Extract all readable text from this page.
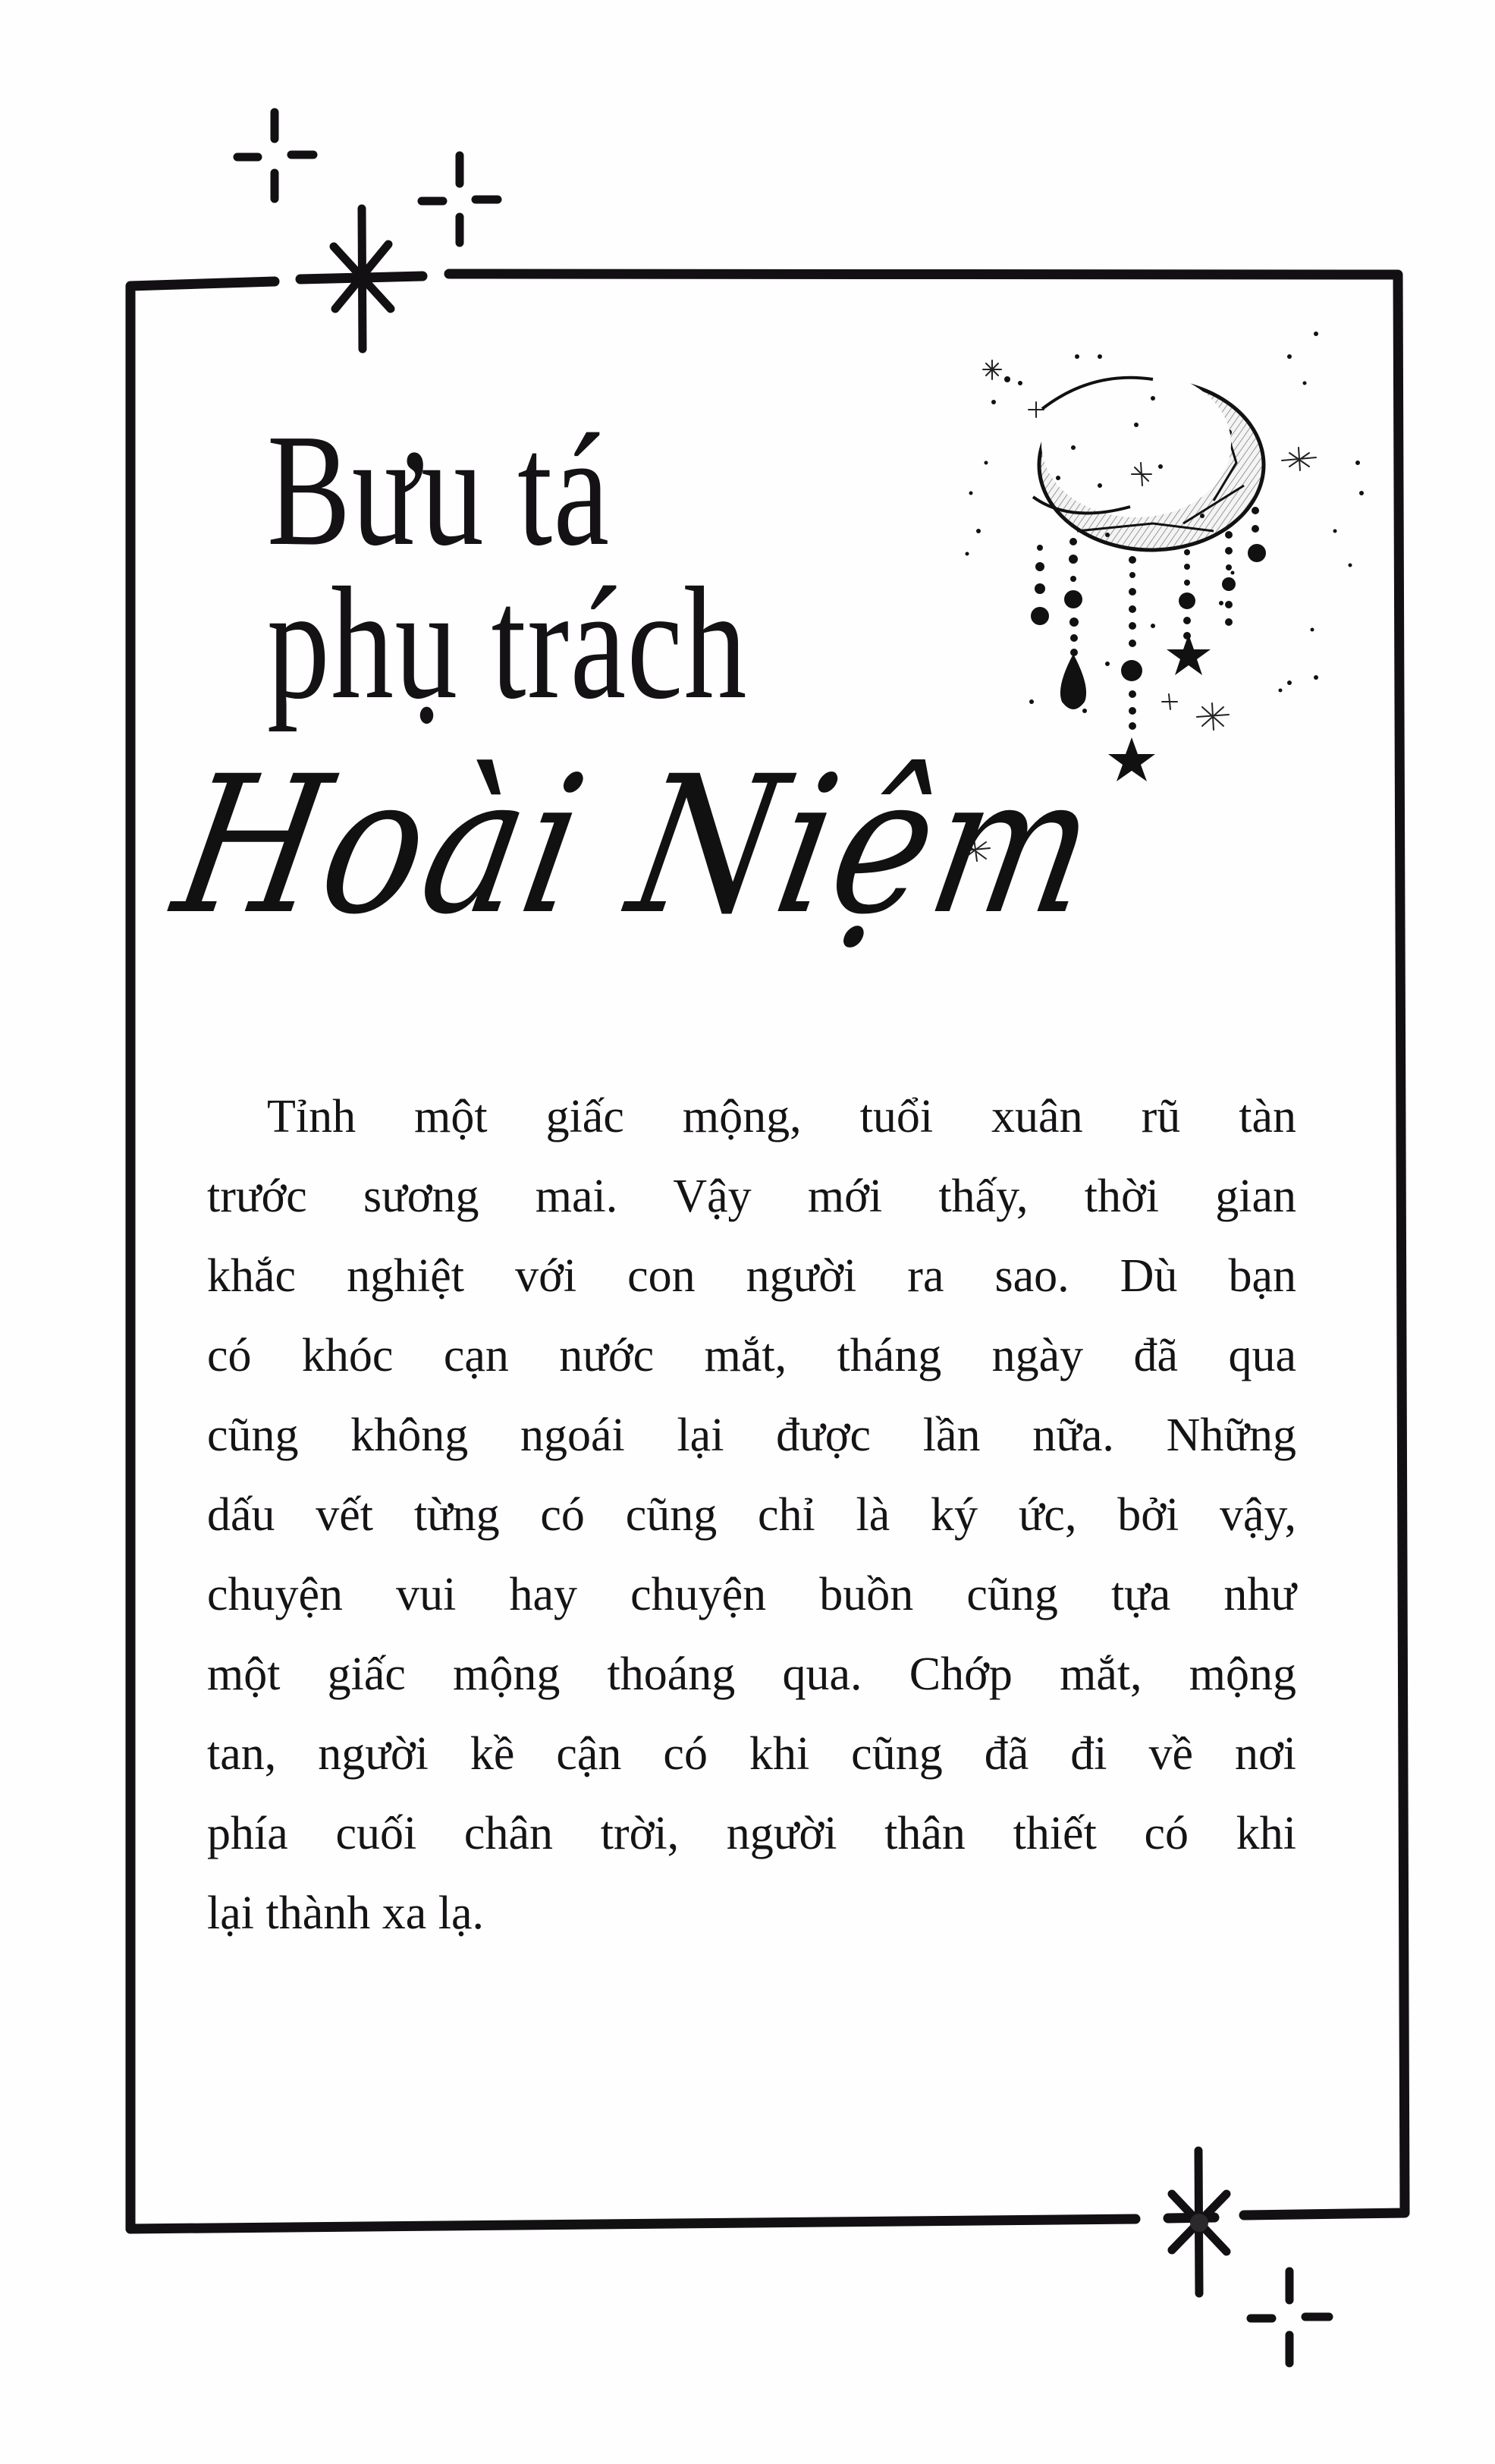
Bưu tá
phụ trách
Hoài Niệm
Tỉnh một giấc mộng, tuổi xuân rũ tàn
trước sương mai. Vậy mới thấy, thời gian
khắc nghiệt với con người ra sao. Dù bạn
có khóc cạn nước mắt, tháng ngày đã qua
cũng không ngoái lại được lần nữa. Những
dấu vết từng có cũng chỉ là ký ức, bởi vậy,
chuyện vui hay chuyện buồn cũng tựa như
một giấc mộng thoáng qua. Chớp mắt, mộng
tan, người kề cận có khi cũng đã đi về nơi
phía cuối chân trời, người thân thiết có khi
lại thành xa lạ.
